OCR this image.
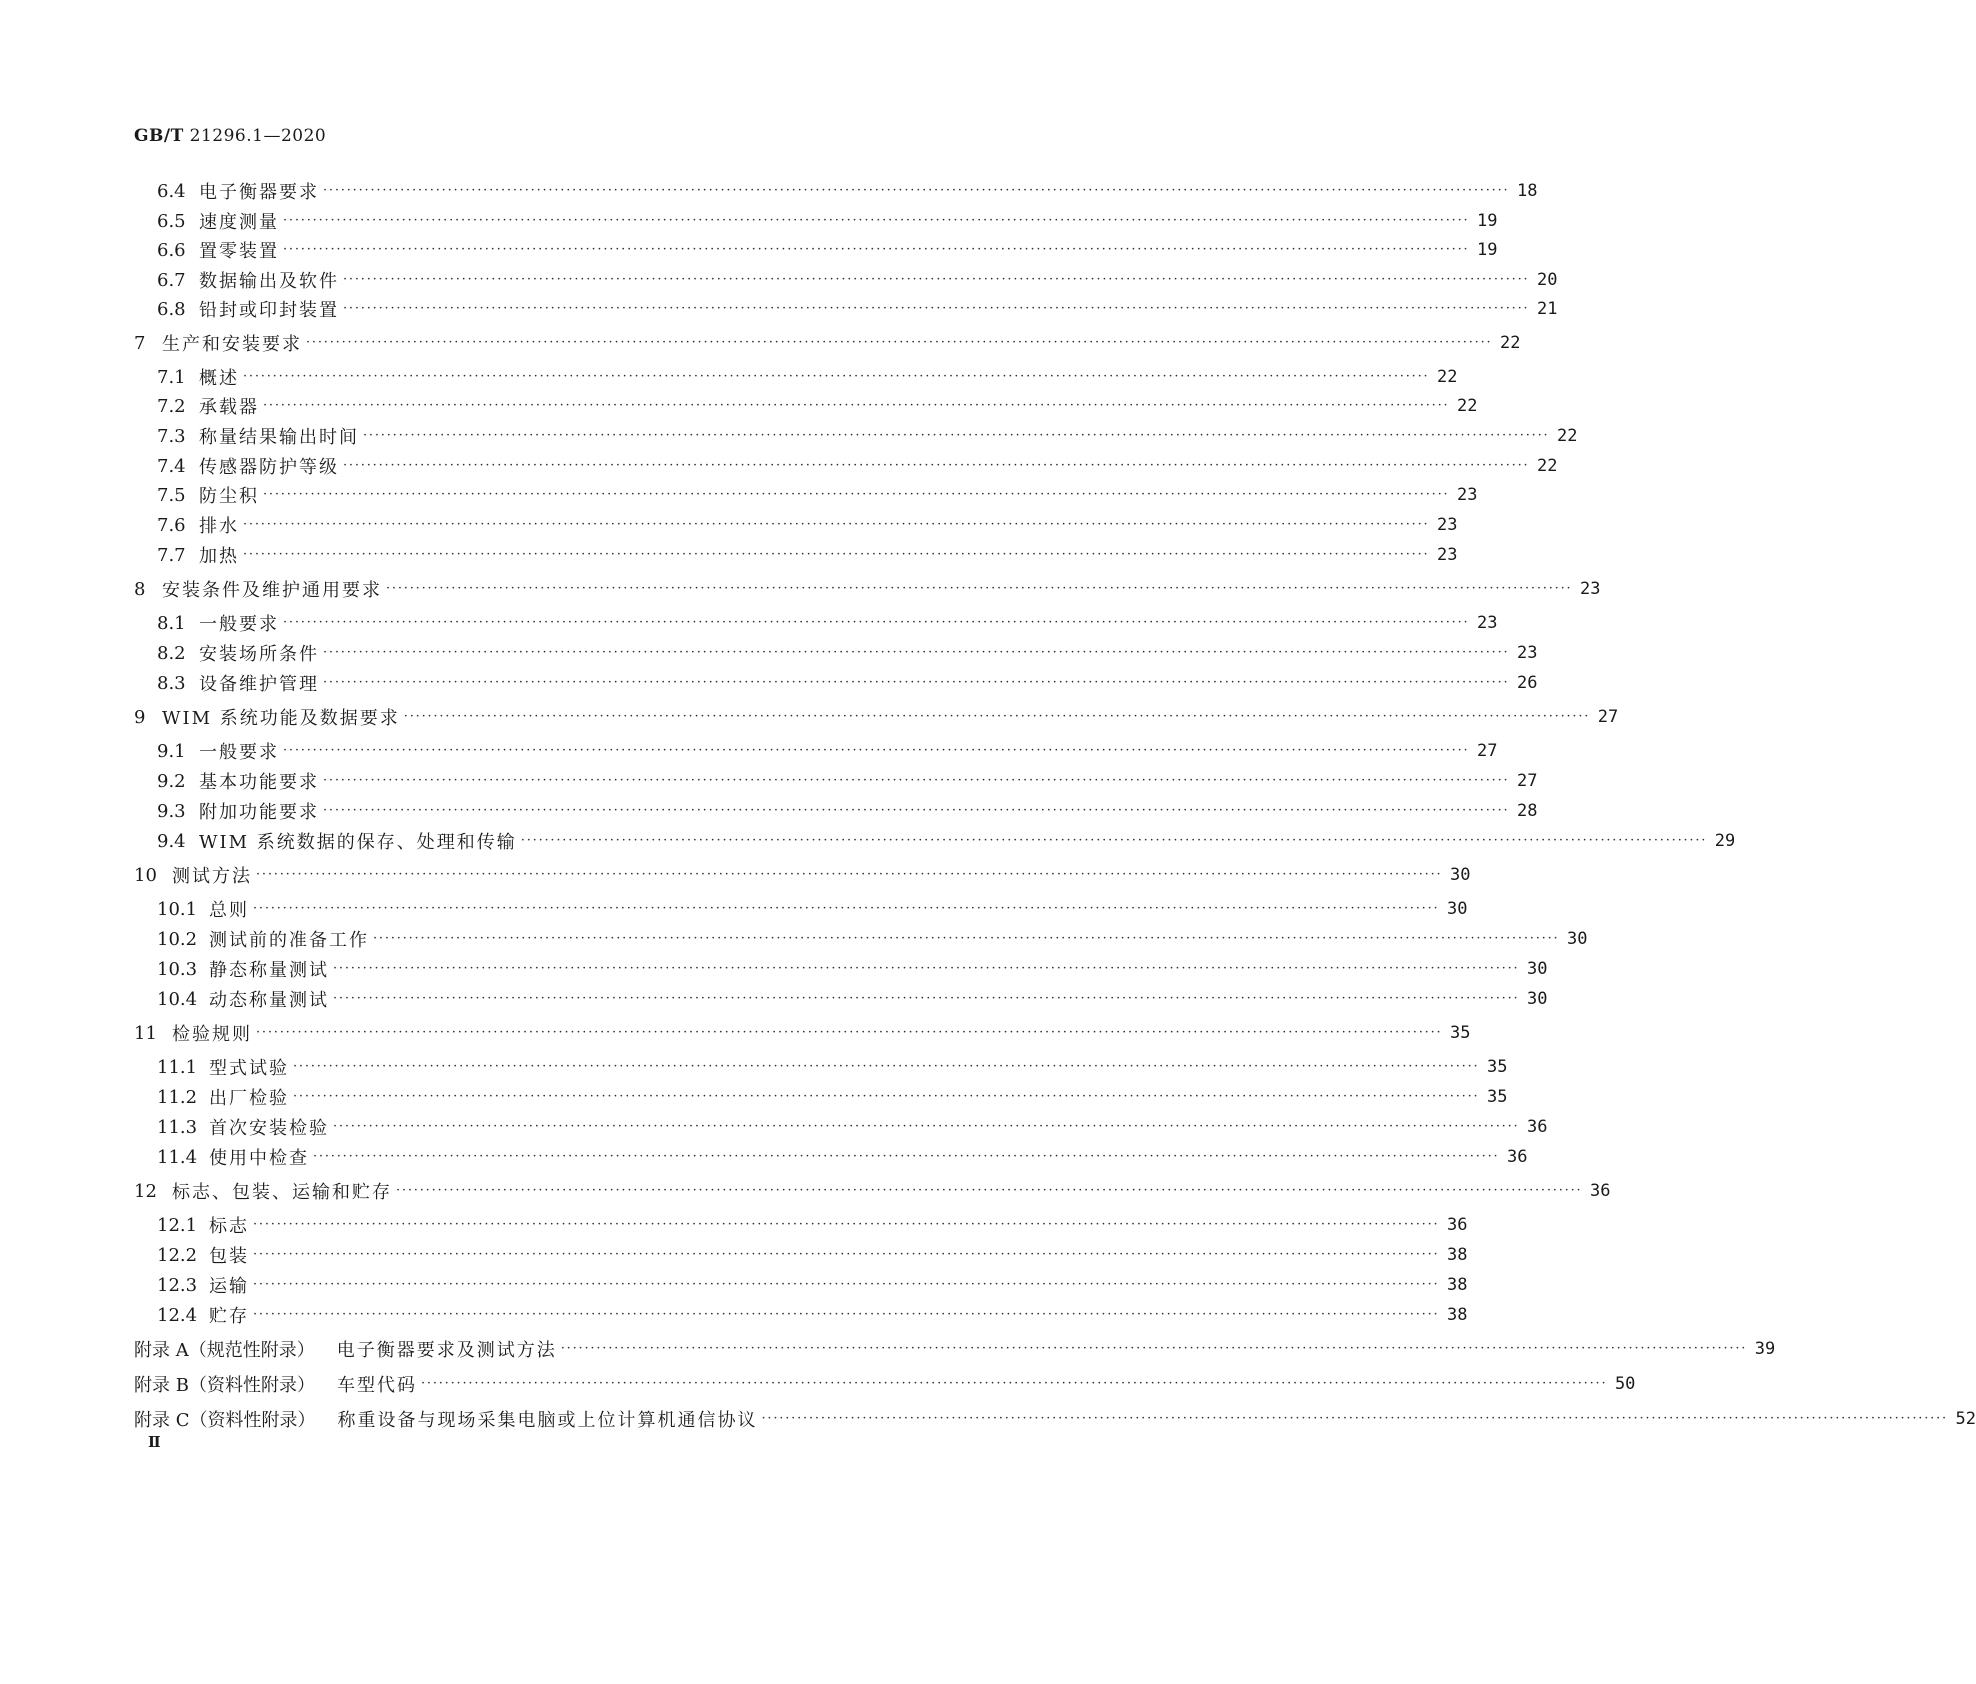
GB/T 21296.1—2020
6.4 电子衡器要求 ········································································································································································································ 18
6.5 速度测量 ········································································································································································································ 19
6.6 置零装置 ········································································································································································································ 19
6.7 数据输出及软件 ········································································································································································································ 20
6.8 铅封或印封装置 ········································································································································································································ 21
7 生产和安装要求 ········································································································································································································ 22
7.1 概述 ········································································································································································································ 22
7.2 承载器 ········································································································································································································ 22
7.3 称量结果输出时间 ········································································································································································································ 22
7.4 传感器防护等级 ········································································································································································································ 22
7.5 防尘积 ········································································································································································································ 23
7.6 排水 ········································································································································································································ 23
7.7 加热 ········································································································································································································ 23
8 安装条件及维护通用要求 ········································································································································································································ 23
8.1 一般要求 ········································································································································································································ 23
8.2 安装场所条件 ········································································································································································································ 23
8.3 设备维护管理 ········································································································································································································ 26
9 WIM 系统功能及数据要求 ········································································································································································································ 27
9.1 一般要求 ········································································································································································································ 27
9.2 基本功能要求 ········································································································································································································ 27
9.3 附加功能要求 ········································································································································································································ 28
9.4 WIM 系统数据的保存、处理和传输 ········································································································································································································ 29
10 测试方法 ········································································································································································································ 30
10.1 总则 ········································································································································································································ 30
10.2 测试前的准备工作 ········································································································································································································ 30
10.3 静态称量测试 ········································································································································································································ 30
10.4 动态称量测试 ········································································································································································································ 30
11 检验规则 ········································································································································································································ 35
11.1 型式试验 ········································································································································································································ 35
11.2 出厂检验 ········································································································································································································ 35
11.3 首次安装检验 ········································································································································································································ 36
11.4 使用中检查 ········································································································································································································ 36
12 标志、包装、运输和贮存 ········································································································································································································ 36
12.1 标志 ········································································································································································································ 36
12.2 包装 ········································································································································································································ 38
12.3 运输 ········································································································································································································ 38
12.4 贮存 ········································································································································································································ 38
附录 A（规范性附录） 电子衡器要求及测试方法 ········································································································································································································ 39
附录 B（资料性附录） 车型代码 ········································································································································································································ 50
附录 C（资料性附录） 称重设备与现场采集电脑或上位计算机通信协议 ········································································································································································································ 52
Ⅱ
